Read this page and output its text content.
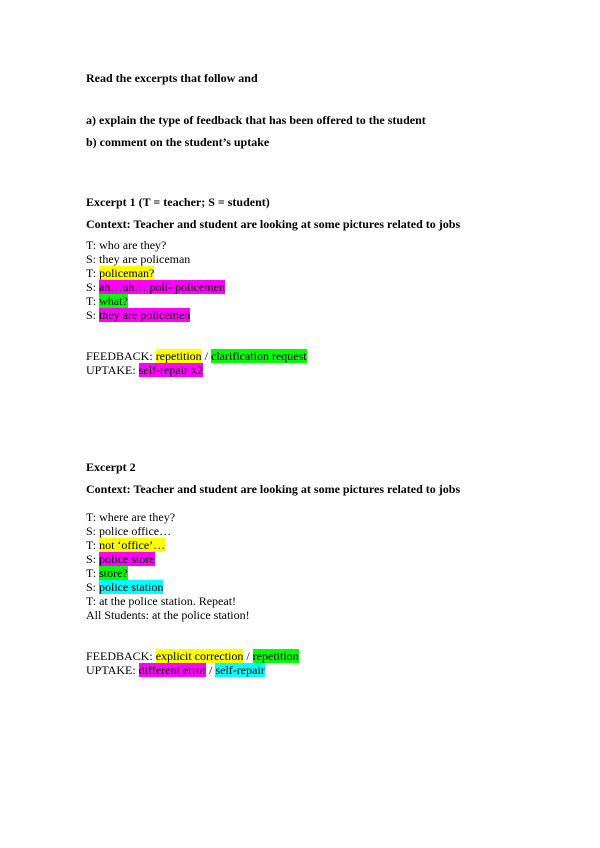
Read the excerpts that follow and
a) explain the type of feedback that has been offered to the student
b) comment on the student’s uptake
Excerpt 1 (T = teacher; S = student)
Context: Teacher and student are looking at some pictures related to jobs
T: who are they?
S: they are policeman
T: policeman?
S: ah…uh… poli- policemen
T: what?
S: they are policemen
FEEDBACK: repetition / clarification request
UPTAKE: self-repair x2
Excerpt 2
Context: Teacher and student are looking at some pictures related to jobs
T: where are they?
S: police office…
T: not ‘office’…
S: police store
T: store?
S: police station
T: at the police station. Repeat!
All Students: at the police station!
FEEDBACK: explicit correction / repetition
UPTAKE: different error / self-repair
